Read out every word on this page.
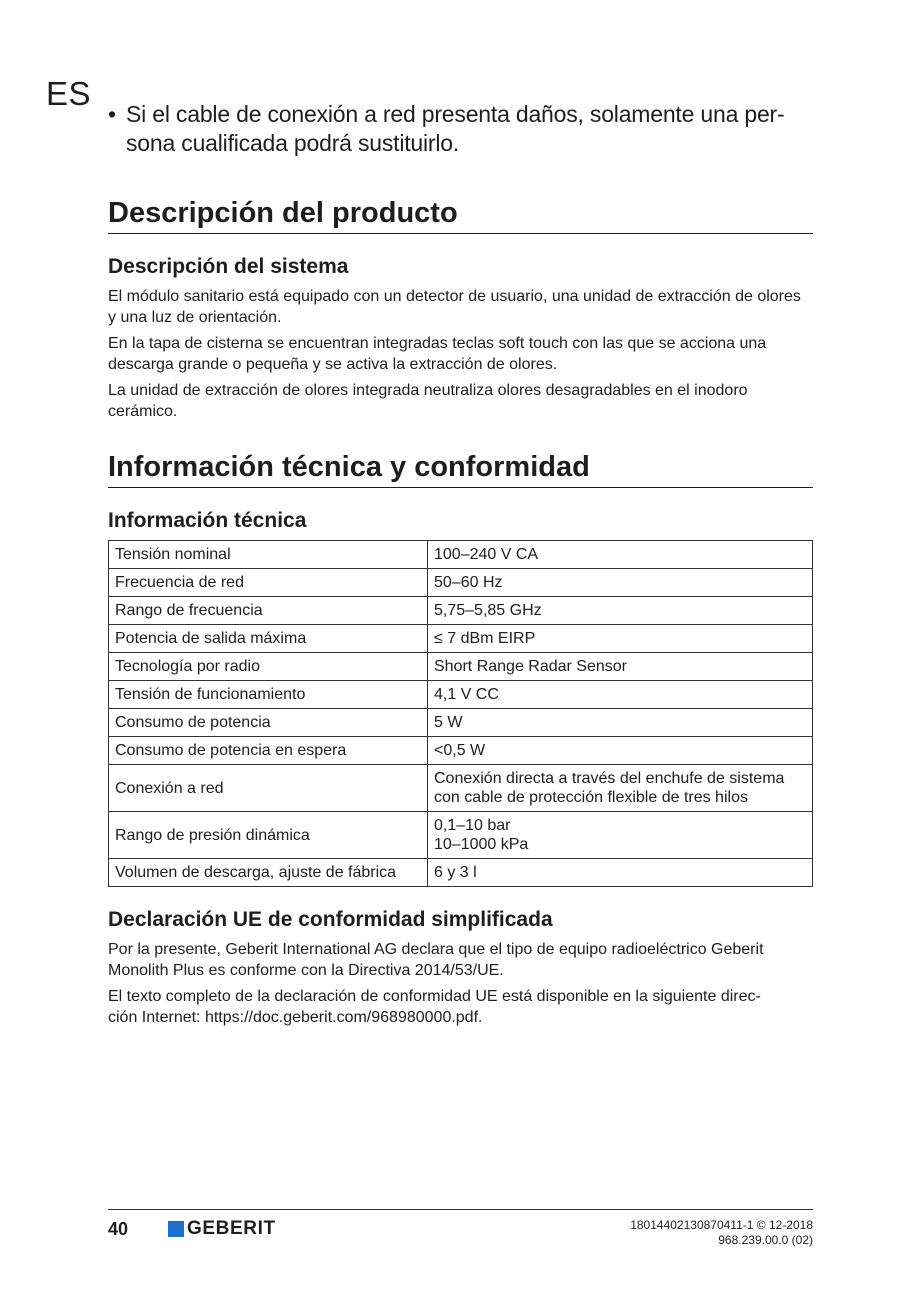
ES
• Si el cable de conexión a red presenta daños, solamente una per-
sona cualificada podrá sustituirlo.
Descripción del producto
Descripción del sistema

El módulo sanitario está equipado con un detector de usuario, una unidad de extracción de olores y una luz de orientación.

En la tapa de cisterna se encuentran integradas teclas soft touch con las que se acciona una descarga grande o pequeña y se activa la extracción de olores.

La unidad de extracción de olores integrada neutraliza olores desagradables en el inodoro cerámico.

Información técnica y conformidad
Información técnica
Tensión nominal	100–240 V CA
Frecuencia de red	50–60 Hz
Rango de frecuencia	5,75–5,85 GHz
Potencia de salida máxima	≤ 7 dBm EIRP
Tecnología por radio	Short Range Radar Sensor
Tensión de funcionamiento	4,1 V CC
Consumo de potencia	5 W
Consumo de potencia en espera	<0,5 W
Conexión a red	Conexión directa a través del enchufe de sistema
con cable de protección flexible de tres hilos
Rango de presión dinámica	0,1–10 bar
10–1000 kPa
Volumen de descarga, ajuste de fábrica	6 y 3 l
Declaración UE de conformidad simplificada

Por la presente, Geberit International AG declara que el tipo de equipo radioeléctrico Geberit
Monolith Plus es conforme con la Directiva 2014/53/UE.

El texto completo de la declaración de conformidad UE está disponible en la siguiente direc-
ción Internet: https://doc.geberit.com/968980000.pdf.

40	GEBERIT	18014402130870411-1 © 12-2018
968.239.00.0 (02)
